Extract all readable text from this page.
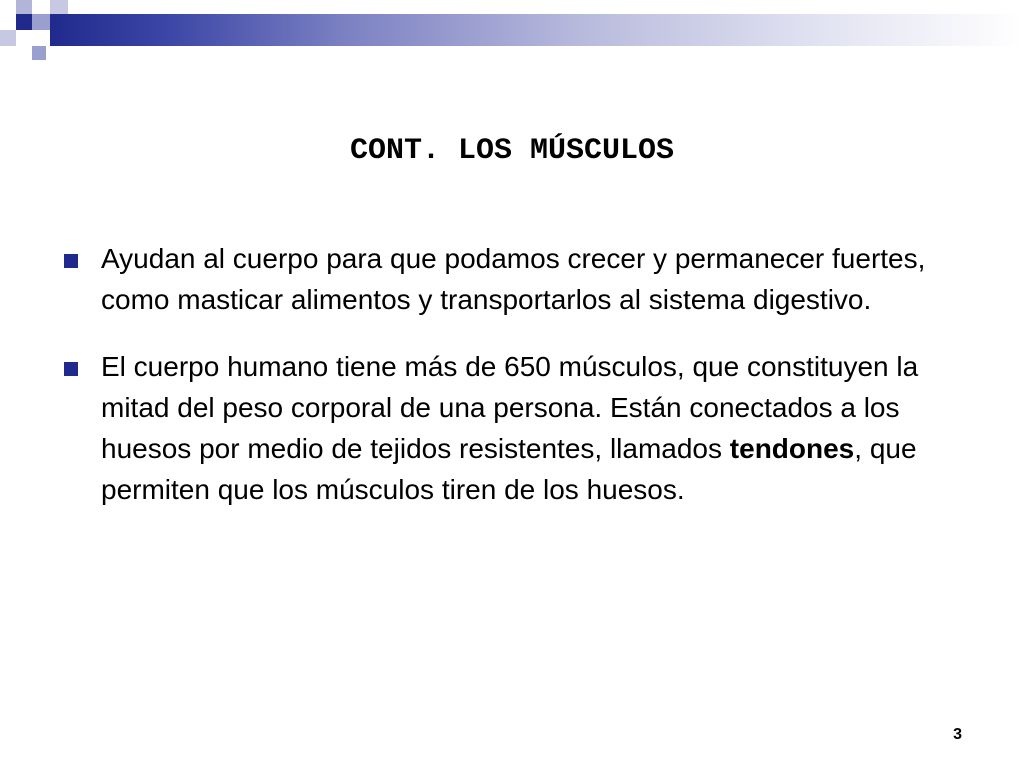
CONT. LOS MÚSCULOS
Ayudan al cuerpo para que podamos crecer y permanecer fuertes, como masticar alimentos y transportarlos al sistema digestivo.
El cuerpo humano tiene más de 650 músculos, que constituyen la mitad del peso corporal de una persona. Están conectados a los huesos por medio de tejidos resistentes, llamados tendones, que permiten que los músculos tiren de los huesos.
3
